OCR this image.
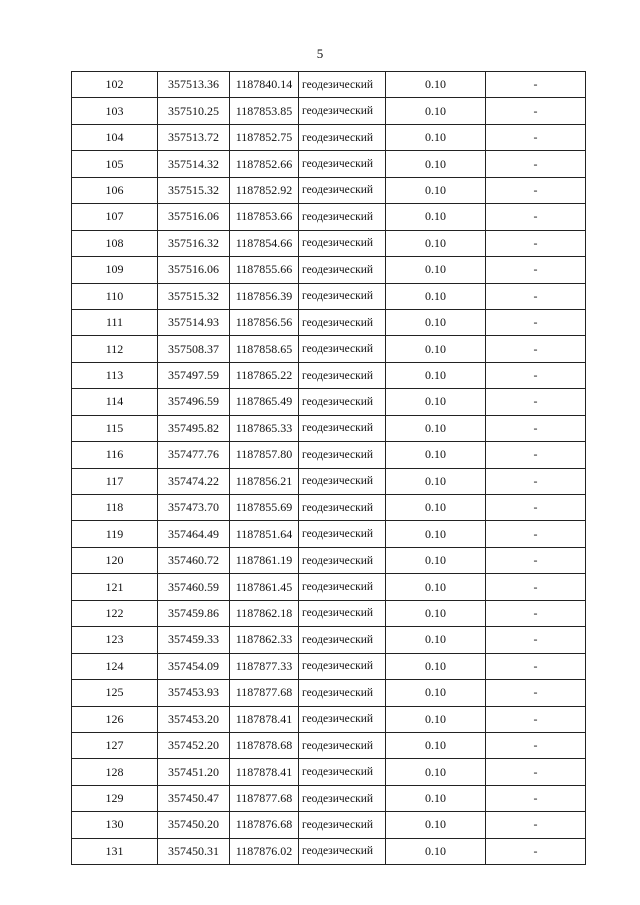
5
102	357513.36	1187840.14	геодезический	0.10	-
103	357510.25	1187853.85	геодезический	0.10	-
104	357513.72	1187852.75	геодезический	0.10	-
105	357514.32	1187852.66	геодезический	0.10	-
106	357515.32	1187852.92	геодезический	0.10	-
107	357516.06	1187853.66	геодезический	0.10	-
108	357516.32	1187854.66	геодезический	0.10	-
109	357516.06	1187855.66	геодезический	0.10	-
110	357515.32	1187856.39	геодезический	0.10	-
111	357514.93	1187856.56	геодезический	0.10	-
112	357508.37	1187858.65	геодезический	0.10	-
113	357497.59	1187865.22	геодезический	0.10	-
114	357496.59	1187865.49	геодезический	0.10	-
115	357495.82	1187865.33	геодезический	0.10	-
116	357477.76	1187857.80	геодезический	0.10	-
117	357474.22	1187856.21	геодезический	0.10	-
118	357473.70	1187855.69	геодезический	0.10	-
119	357464.49	1187851.64	геодезический	0.10	-
120	357460.72	1187861.19	геодезический	0.10	-
121	357460.59	1187861.45	геодезический	0.10	-
122	357459.86	1187862.18	геодезический	0.10	-
123	357459.33	1187862.33	геодезический	0.10	-
124	357454.09	1187877.33	геодезический	0.10	-
125	357453.93	1187877.68	геодезический	0.10	-
126	357453.20	1187878.41	геодезический	0.10	-
127	357452.20	1187878.68	геодезический	0.10	-
128	357451.20	1187878.41	геодезический	0.10	-
129	357450.47	1187877.68	геодезический	0.10	-
130	357450.20	1187876.68	геодезический	0.10	-
131	357450.31	1187876.02	геодезический	0.10	-
